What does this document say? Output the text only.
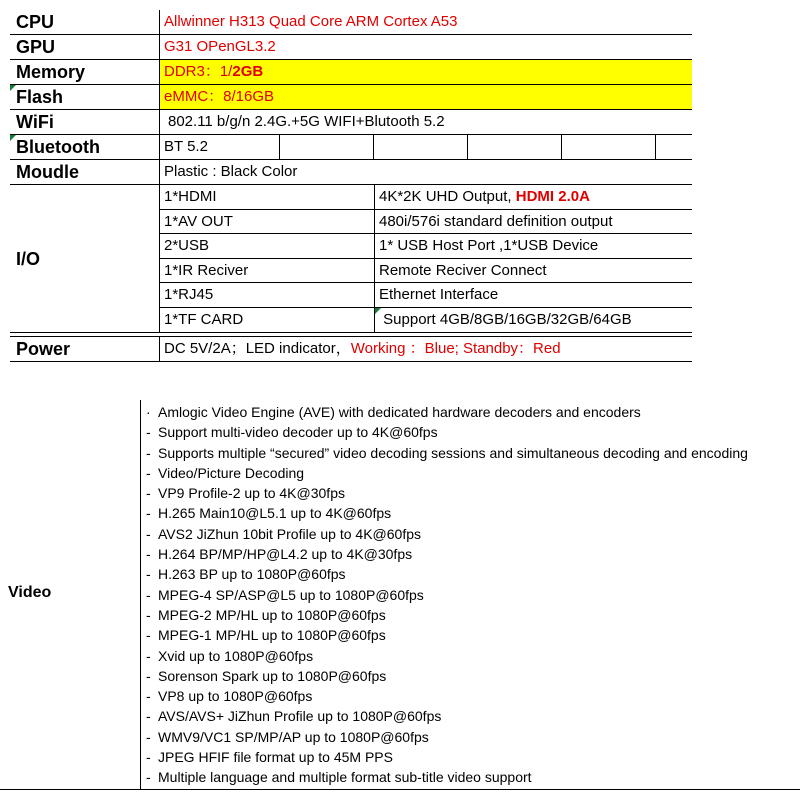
CPU	Allwinner H313 Quad Core ARM Cortex A53
GPU	G31 OPenGL3.2
Memory	DDR3：1/2GB
Flash	eMMC：8/16GB
WiFi	802.11 b/g/n 2.4G.+5G WIFI+Blutooth 5.2
Bluetooth	BT 5.2
Moudle	Plastic : Black Color
I/O
1*HDMI	4K*2K UHD Output, HDMI 2.0A
1*AV OUT	480i/576i standard definition output
2*USB	1* USB Host Port ,1*USB Device
1*IR Reciver	Remote Reciver Connect
1*RJ45	Ethernet Interface
1*TF CARD	Support 4GB/8GB/16GB/32GB/64GB
Power	DC 5V/2A；LED indicator，Working ：Blue; Standby：Red
Video
· Amlogic Video Engine (AVE) with dedicated hardware decoders and encoders
- Support multi-video decoder up to 4K@60fps
- Supports multiple “secured” video decoding sessions and simultaneous decoding and encoding
- Video/Picture Decoding
- VP9 Profile-2 up to 4K@30fps
- H.265 Main10@L5.1 up to 4K@60fps
- AVS2 JiZhun 10bit Profile up to 4K@60fps
- H.264 BP/MP/HP@L4.2 up to 4K@30fps
- H.263 BP up to 1080P@60fps
- MPEG-4 SP/ASP@L5 up to 1080P@60fps
- MPEG-2 MP/HL up to 1080P@60fps
- MPEG-1 MP/HL up to 1080P@60fps
- Xvid up to 1080P@60fps
- Sorenson Spark up to 1080P@60fps
- VP8 up to 1080P@60fps
- AVS/AVS+ JiZhun Profile up to 1080P@60fps
- WMV9/VC1 SP/MP/AP up to 1080P@60fps
- JPEG HFIF file format up to 45M PPS
- Multiple language and multiple format sub-title video support
